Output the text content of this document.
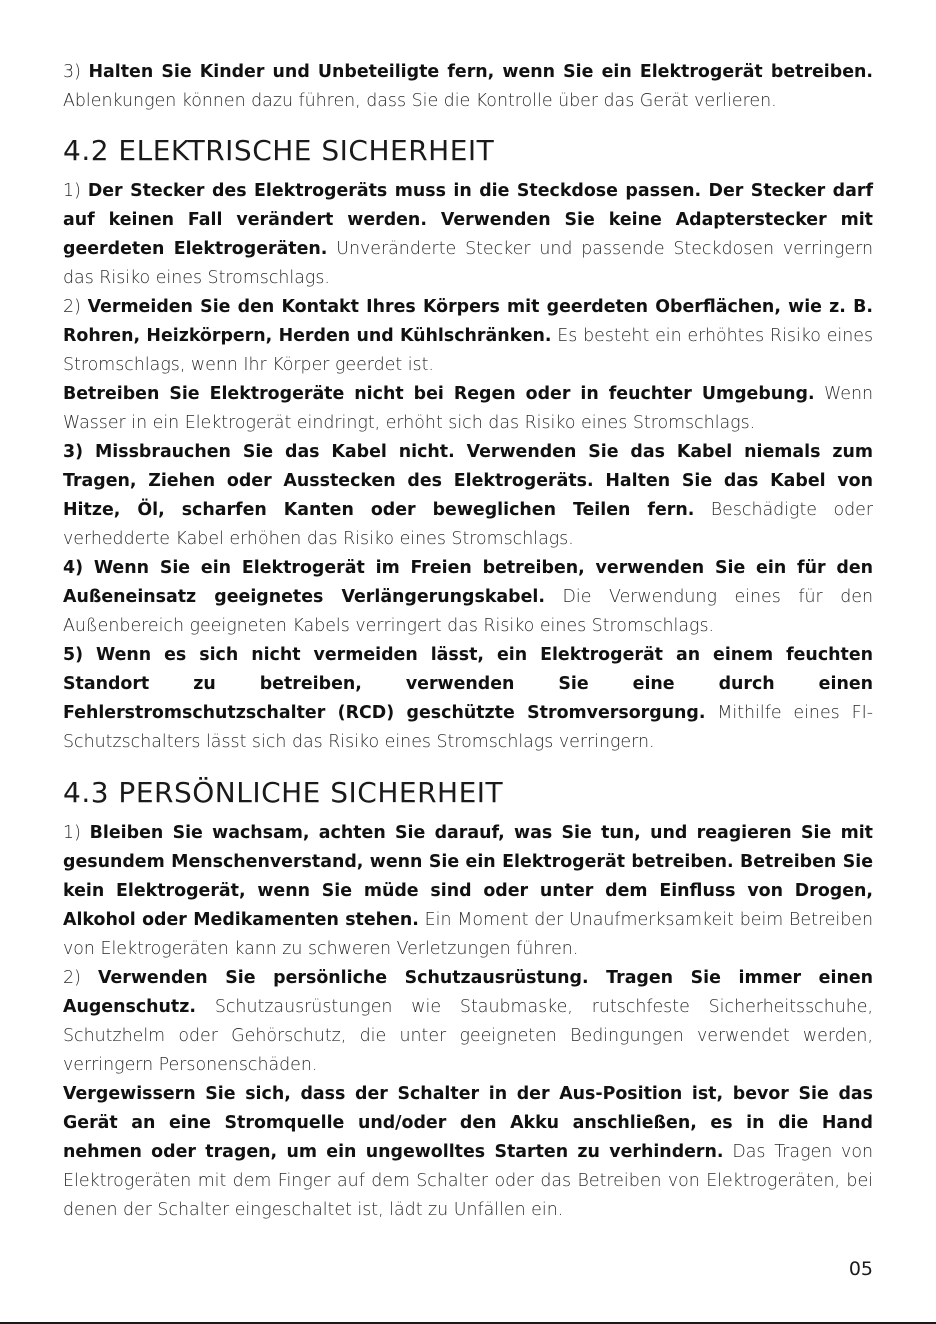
3) Halten Sie Kinder und Unbeteiligte fern, wenn Sie ein Elektrogerät betreiben. Ablenkungen können dazu führen, dass Sie die Kontrolle über das Gerät verlieren.

4.2 ELEKTRISCHE SICHERHEIT

1) Der Stecker des Elektrogeräts muss in die Steckdose passen. Der Stecker darf auf keinen Fall verändert werden. Verwenden Sie keine Adapterstecker mit geerdeten Elektrogeräten. Unveränderte Stecker und passende Steckdosen verringern das Risiko eines Stromschlags.

2) Vermeiden Sie den Kontakt Ihres Körpers mit geerdeten Oberflächen, wie z. B. Rohren, Heizkörpern, Herden und Kühlschränken. Es besteht ein erhöhtes Risiko eines Stromschlags, wenn Ihr Körper geerdet ist.

Betreiben Sie Elektrogeräte nicht bei Regen oder in feuchter Umgebung. Wenn Wasser in ein Elektrogerät eindringt, erhöht sich das Risiko eines Stromschlags.

3) Missbrauchen Sie das Kabel nicht. Verwenden Sie das Kabel niemals zum Tragen, Ziehen oder Ausstecken des Elektrogeräts. Halten Sie das Kabel von Hitze, Öl, scharfen Kanten oder beweglichen Teilen fern. Beschädigte oder verhedderte Kabel erhöhen das Risiko eines Stromschlags.

4) Wenn Sie ein Elektrogerät im Freien betreiben, verwenden Sie ein für den Außeneinsatz geeignetes Verlängerungskabel. Die Verwendung eines für den Außenbereich geeigneten Kabels verringert das Risiko eines Stromschlags.

5) Wenn es sich nicht vermeiden lässt, ein Elektrogerät an einem feuchten Standort zu betreiben, verwenden Sie eine durch einen Fehlerstromschutzschalter (RCD) geschützte Stromversorgung. Mithilfe eines FI-Schutzschalters lässt sich das Risiko eines Stromschlags verringern.

4.3 PERSÖNLICHE SICHERHEIT

1) Bleiben Sie wachsam, achten Sie darauf, was Sie tun, und reagieren Sie mit gesundem Menschenverstand, wenn Sie ein Elektrogerät betreiben. Betreiben Sie kein Elektrogerät, wenn Sie müde sind oder unter dem Einfluss von Drogen, Alkohol oder Medikamenten stehen. Ein Moment der Unaufmerksamkeit beim Betreiben von Elektrogeräten kann zu schweren Verletzungen führen.

2) Verwenden Sie persönliche Schutzausrüstung. Tragen Sie immer einen Augenschutz. Schutzausrüstungen wie Staubmaske, rutschfeste Sicherheitsschuhe, Schutzhelm oder Gehörschutz, die unter geeigneten Bedingungen verwendet werden, verringern Personenschäden.

Vergewissern Sie sich, dass der Schalter in der Aus-Position ist, bevor Sie das Gerät an eine Stromquelle und/oder den Akku anschließen, es in die Hand nehmen oder tragen, um ein ungewolltes Starten zu verhindern. Das Tragen von Elektrogeräten mit dem Finger auf dem Schalter oder das Betreiben von Elektrogeräten, bei denen der Schalter eingeschaltet ist, lädt zu Unfällen ein.

05
